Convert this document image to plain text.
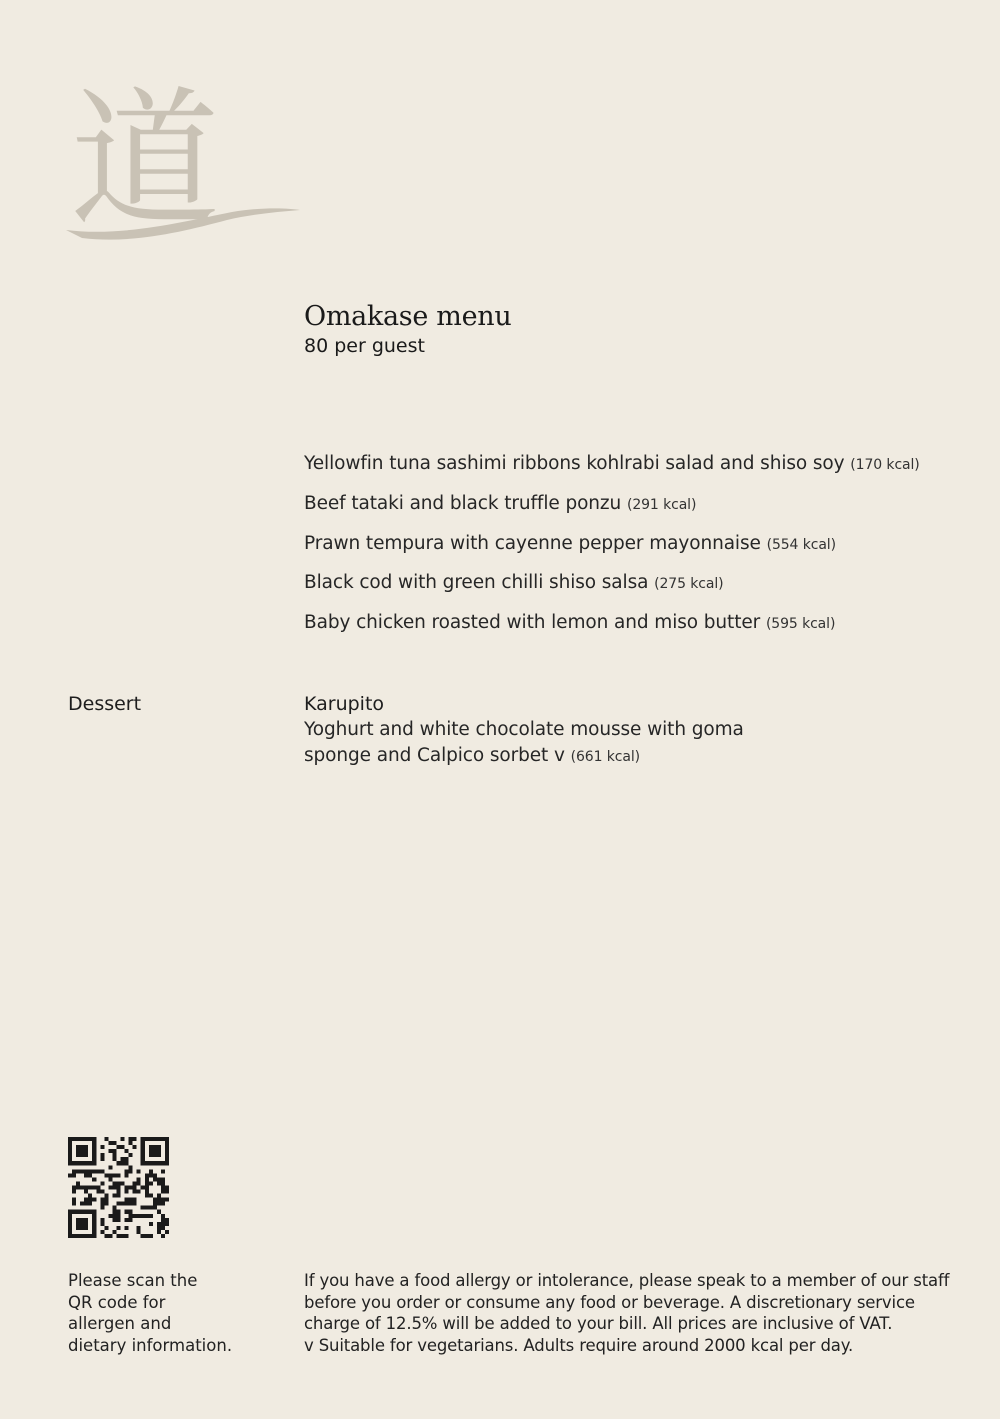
道
Omakase menu
80 per guest
Yellowfin tuna sashimi ribbons kohlrabi salad and shiso soy (170 kcal)
Beef tataki and black truffle ponzu (291 kcal)
Prawn tempura with cayenne pepper mayonnaise (554 kcal)
Black cod with green chilli shiso salsa (275 kcal)
Baby chicken roasted with lemon and miso butter (595 kcal)
Dessert	Karupito
Yoghurt and white chocolate mousse with goma
sponge and Calpico sorbet v (661 kcal)
Please scan the
QR code for
allergen and
dietary information.
If you have a food allergy or intolerance, please speak to a member of our staff
before you order or consume any food or beverage. A discretionary service
charge of 12.5% will be added to your bill. All prices are inclusive of VAT.
v Suitable for vegetarians. Adults require around 2000 kcal per day.
